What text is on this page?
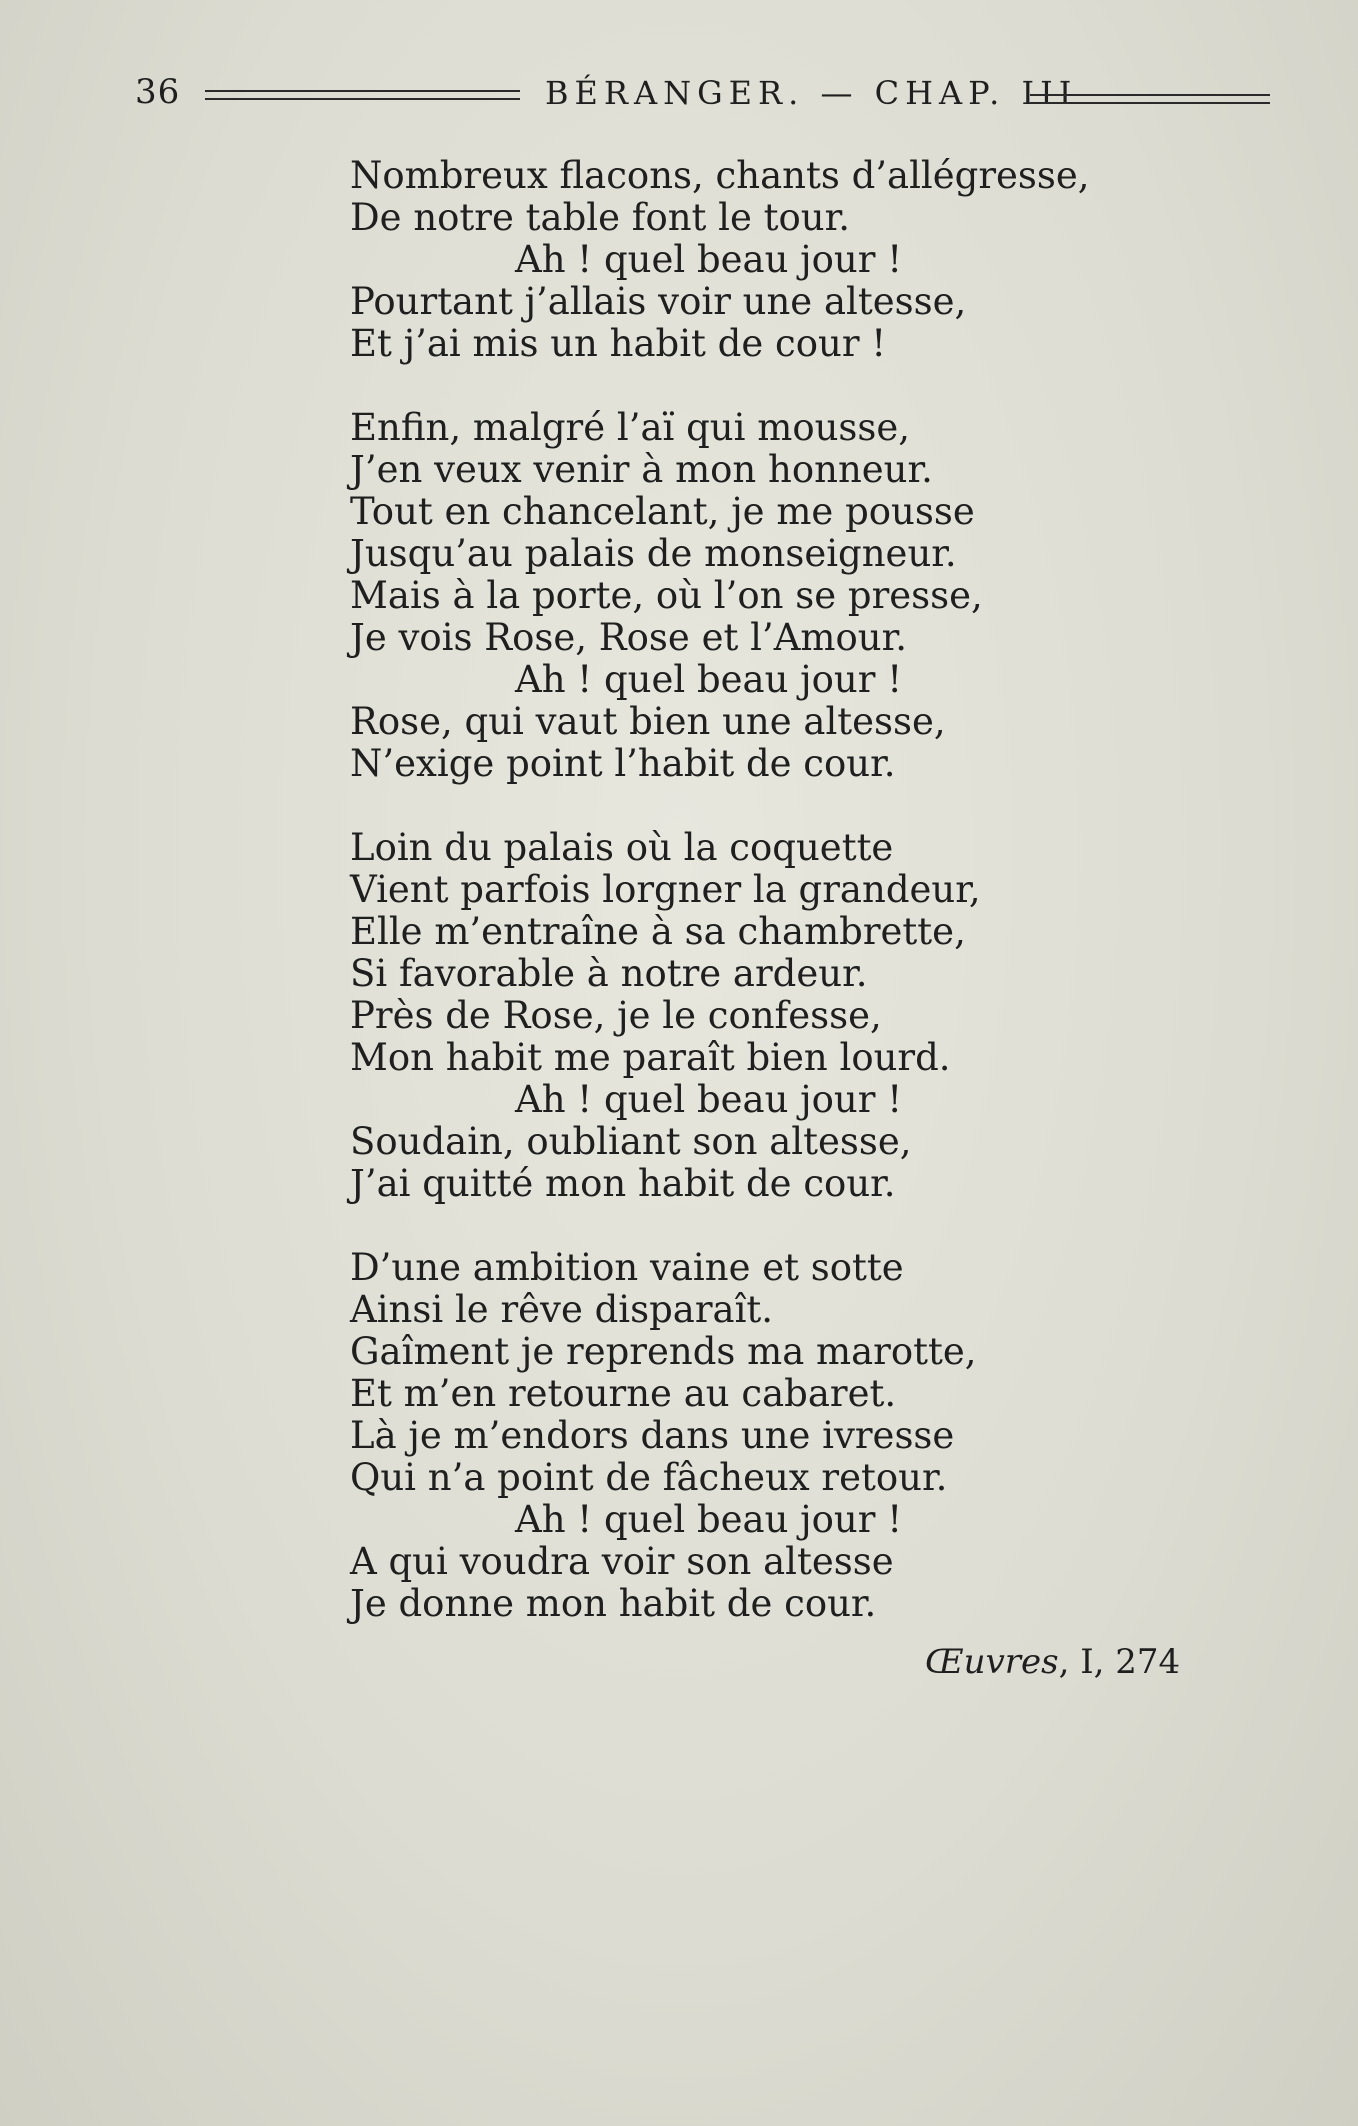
36	BÉRANGER. — CHAP. III
Nombreux flacons, chants d’allégresse,
De notre table font le tour.
Ah ! quel beau jour !
Pourtant j’allais voir une altesse,
Et j’ai mis un habit de cour !
Enfin, malgré l’aï qui mousse,
J’en veux venir à mon honneur.
Tout en chancelant, je me pousse
Jusqu’au palais de monseigneur.
Mais à la porte, où l’on se presse,
Je vois Rose, Rose et l’Amour.
Ah ! quel beau jour !
Rose, qui vaut bien une altesse,
N’exige point l’habit de cour.
Loin du palais où la coquette
Vient parfois lorgner la grandeur,
Elle m’entraîne à sa chambrette,
Si favorable à notre ardeur.
Près de Rose, je le confesse,
Mon habit me paraît bien lourd.
Ah ! quel beau jour !
Soudain, oubliant son altesse,
J’ai quitté mon habit de cour.
D’une ambition vaine et sotte
Ainsi le rêve disparaît.
Gaîment je reprends ma marotte,
Et m’en retourne au cabaret.
Là je m’endors dans une ivresse
Qui n’a point de fâcheux retour.
Ah ! quel beau jour !
A qui voudra voir son altesse
Je donne mon habit de cour.
Œuvres, I, 274
